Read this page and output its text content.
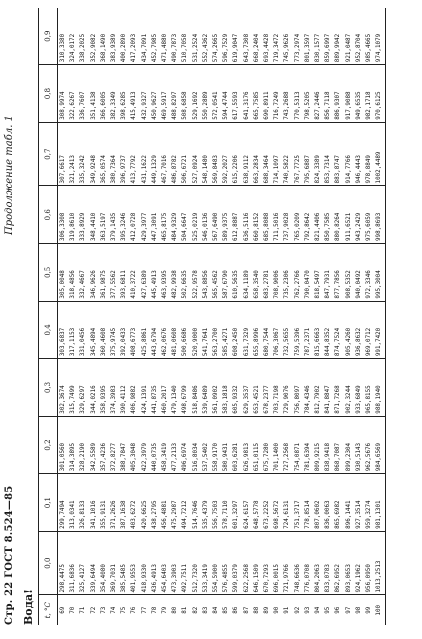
Стр. 22 ГОСТ 8.524—85
Продолжение табл. 1
Вода! t, °C	0,0	0,1	0,2	0,3	0,4	0,5	0,6	0,7	0,8	0,9
69	298,4475	299,7494	301,0560	302,3674	303,6837	305,0048	306,3308	307,6617	308,9974	310,3380
70	311,6836	313,0341	314,3895	315,7499	317,1153	318,4856	319,8610	321,2413	322,6267	324,0172
71	325,4127	326,8133	328,2190	329,6297	331,0456	332,4667	333,8929	335,3242	336,7607	338,2025
72	339,6494	341,1016	342,5589	344,0216	345,4894	346,9626	348,4410	349,9248	351,4138	352,9082
73	354,4080	355,9131	357,4236	358,9395	360,4608	361,9875	363,5197	365,0574	366,6005	368,1490
74	369,7031	371,2626	372,8277	374,3983	375,9745	377,5562	379,1435	380,7364	382,3349	383,9389
75	385,5485	387,1638	388,7847	390,4112	392,0433	393,6811	395,3246	396,9737	398,6285	400,2890
76	401,9553	403,6272	405,3048	406,9882	408,6773	410,3722	412,0728	413,7792	415,4913	417,2093
77	418,9330	420,6625	422,3979	424,1391	425,8861	427,6389	429,3977	431,1622	432,9327	434,7091
78	436,4913	438,2795	440,0735	441,8735	443,6794	445,4913	447,3091	449,1329	450,9627	452,7985
79	454,6403	456,4881	458,3419	460,2017	462,0676	463,9395	465,8175	467,7016	469,5917	471,4880
80	473,3903	475,2987	477,2133	479,1340	481,0608	482,9938	484,9329	486,8782	488,8297	490,7873
81	492,7511	494,7212	496,6974	498,6799	500,6686	502,6635	504,6647	506,6721	508,6858	510,7058
82	512,7320	514,7646	516,8034	518,8486	520,9000	522,9578	525,0219	527,0924	529,1692	531,2524
83	533,3419	535,4379	537,5402	539,6489	541,7641	543,8856	546,0136	548,1480	550,2889	552,4362
84	554,5900	556,7503	558,9170	561,0902	563,2700	565,4562	567,6490	569,8483	572,0541	574,2665
85	576,4855	578,7110	580,9431	583,1818	585,4271	587,6790	589,9375	592,2027	594,4744	596,7529
86	599,0379	601,3297	603,6281	605,9332	608,2450	610,5635	612,8887	615,2206	617,5593	619,9047
87	622,2568	624,6157	626,9813	629,3537	631,7329	634,1189	636,5116	638,9112	641,3176	643,7308
88	646,1509	648,5778	651,0115	653,4521	655,8996	658,3540	660,8152	663,2834	665,7585	668,2404
89	670,7293	673,2252	675,7280	678,2377	680,7544	683,2781	685,8088	688,3464	690,8911	693,4428
90	696,0015	698,5672	701,1400	703,7198	706,3067	708,9006	711,5016	714,1097	716,7249	719,3472
91	721,9766	724,6131	727,2568	729,9076	732,5655	735,2306	737,9028	740,5822	743,2688	745,9626
92	748,6636	751,3717	754,0871	756,8097	759,5396	762,2766	765,0209	767,7725	770,5313	773,2974
93	776,0708	778,8514	781,6394	784,4346	787,2371	790,0470	792,8642	795,6887	798,5205	801,3597
94	804,2063	807,0602	809,9215	812,7902	815,6663	818,5497	821,4406	824,3389	827,2446	830,1577
95	833,0783	836,0063	838,9418	841,8847	844,8352	847,7931	850,7585	853,7314	856,7118	859,6997
96	862,6952	865,6982	868,7087	871,7268	874,7524	877,7856	880,8264	883,8747	886,9307	889,9942
97	893,0653	896,1441	899,2304	902,3244	905,4260	908,5352	911,6521	914,7766	917,9088	921,0487
98	924,1962	927,3514	930,5143	933,6849	936,8632	940,0492	943,2429	946,4443	949,6535	952,8704
99	956,0950	959,3274	962,5676	965,8155	969,0712	972,3346	975,6059	978,8849	982,1718	985,4665
100	1013,2513	981,1301	984,6569	988,1940	991,7420	995,3004	998,8693	1002,4489	970,6125	974,1079
